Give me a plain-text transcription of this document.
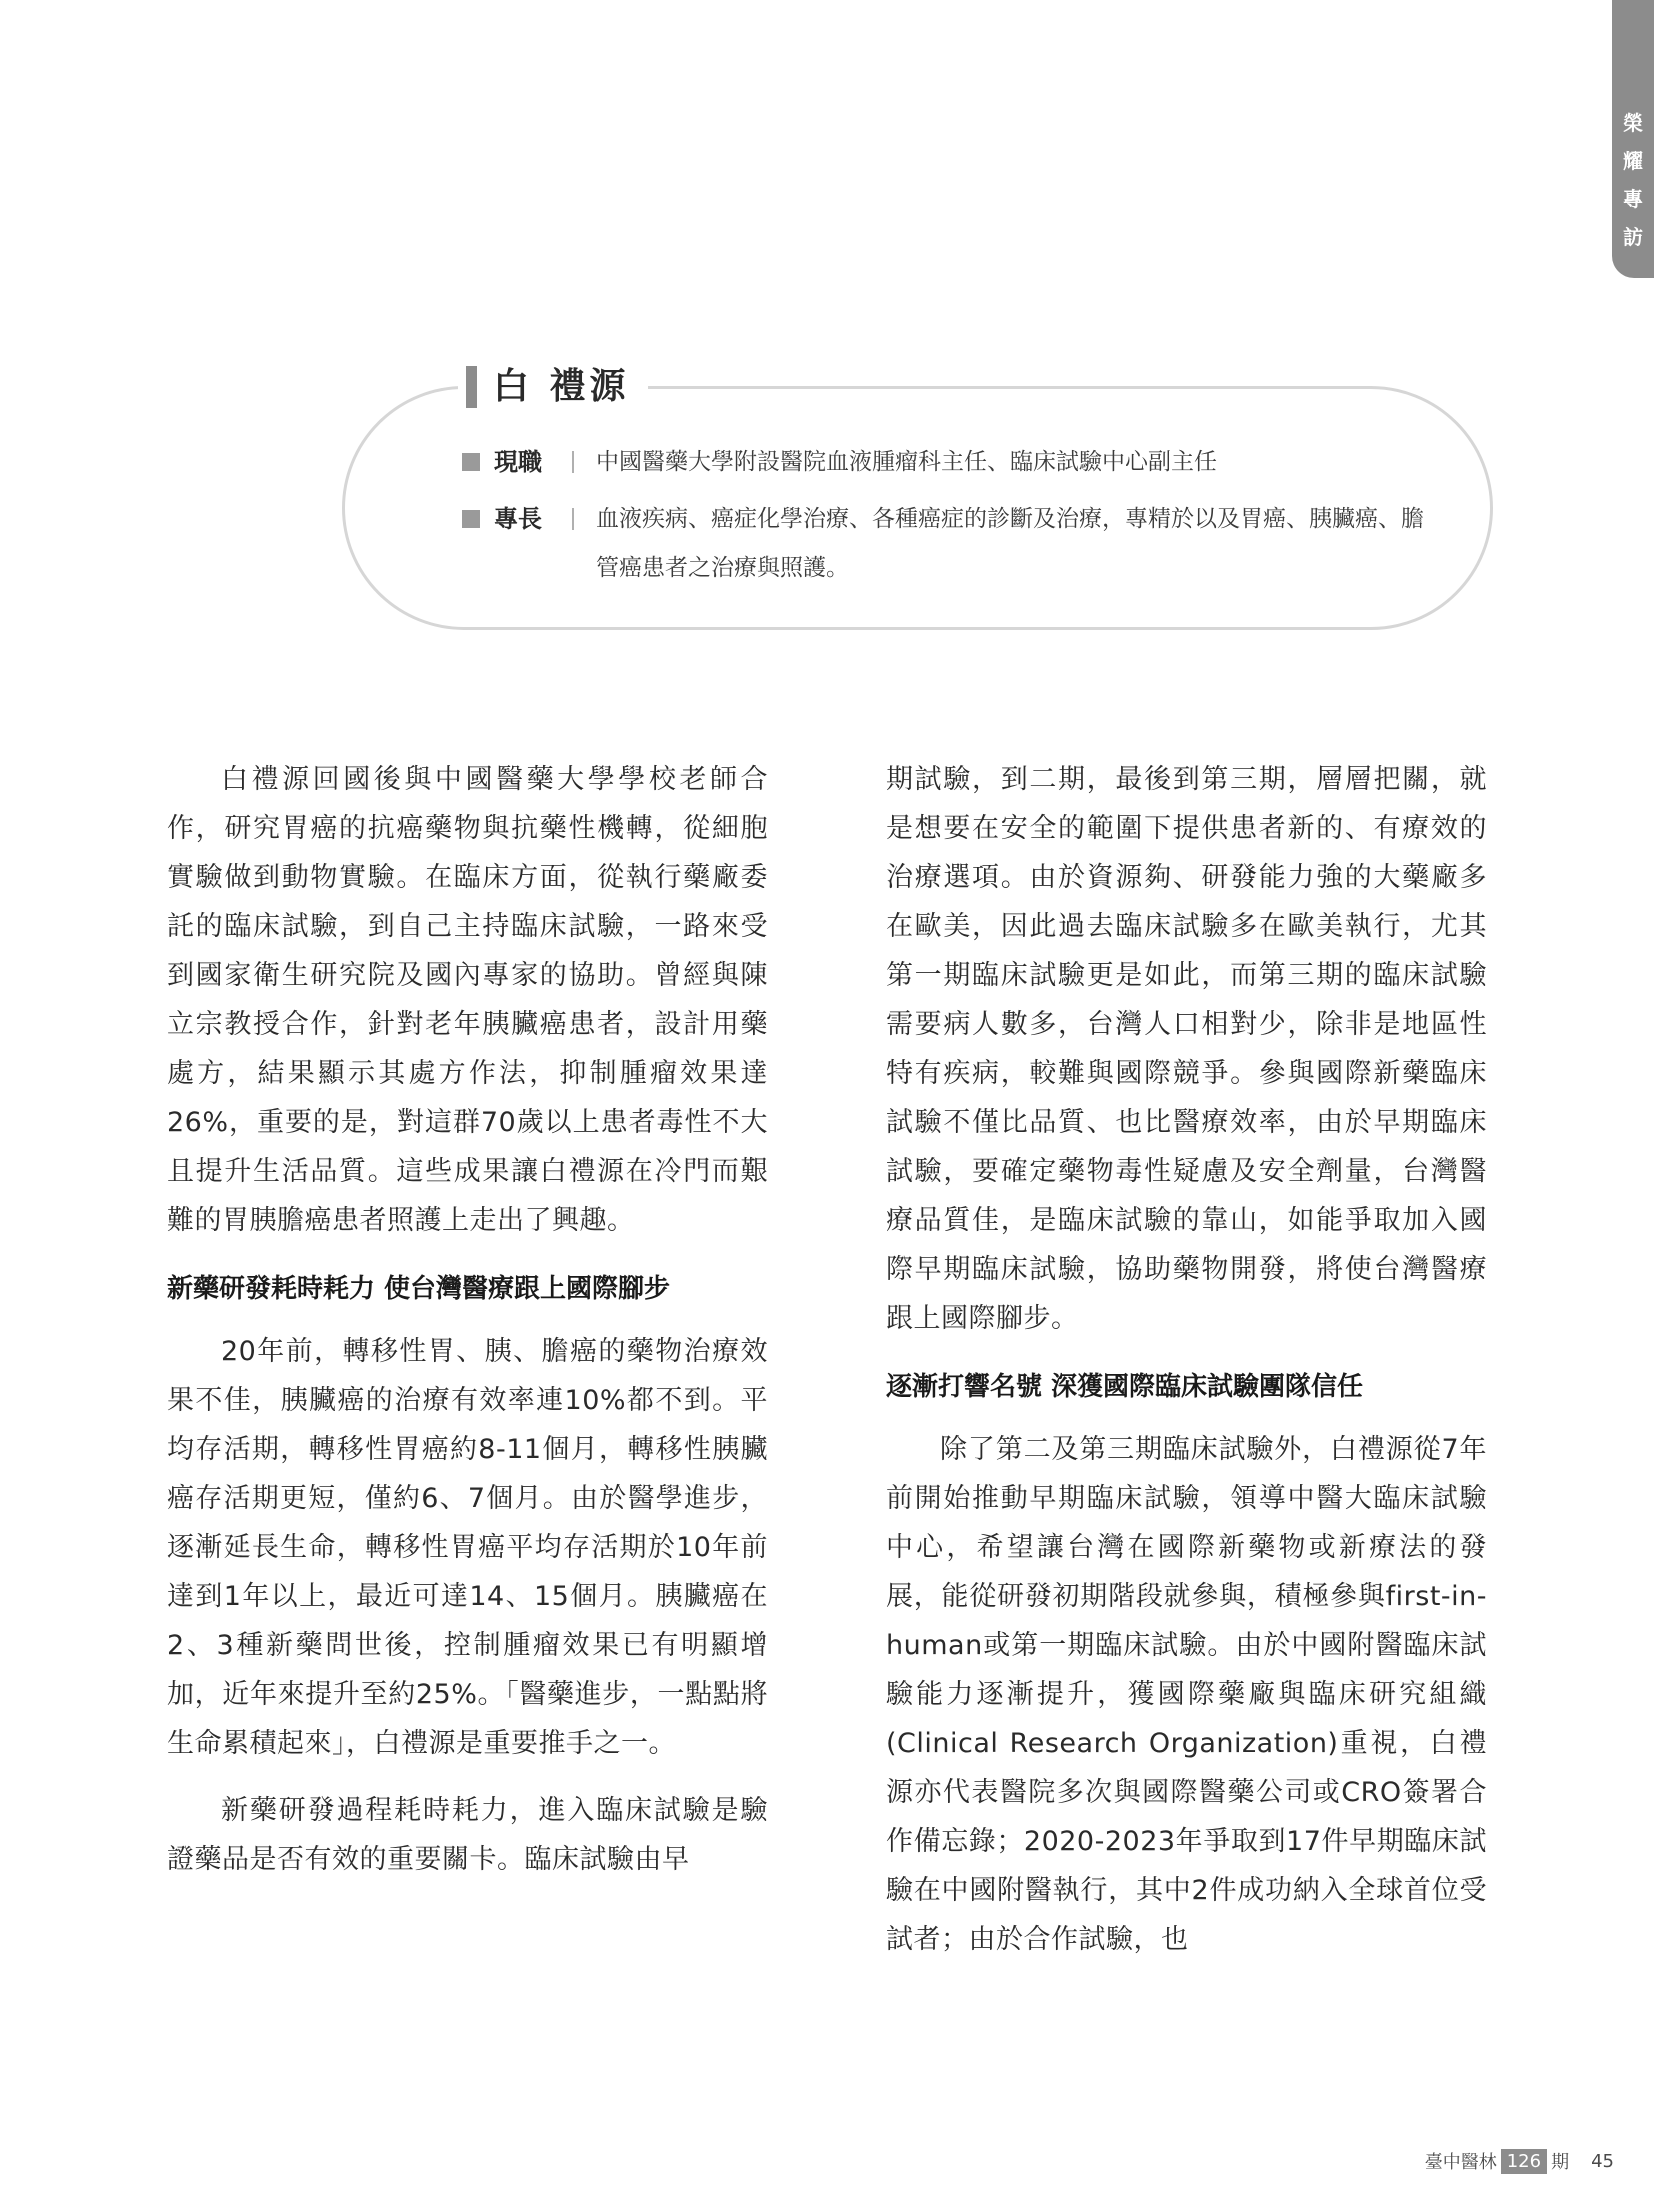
榮
耀
專
訪
白 禮源
現職	中國醫藥大學附設醫院血液腫瘤科主任、臨床試驗中心副主任
專長	血液疾病、癌症化學治療、各種癌症的診斷及治療，專精於以及胃癌、胰臟癌、膽管癌患者之治療與照護。

白禮源回國後與中國醫藥大學學校老師合作，研究胃癌的抗癌藥物與抗藥性機轉，從細胞實驗做到動物實驗。在臨床方面，從執行藥廠委託的臨床試驗，到自己主持臨床試驗，一路來受到國家衛生研究院及國內專家的協助。曾經與陳立宗教授合作，針對老年胰臟癌患者，設計用藥處方，結果顯示其處方作法，抑制腫瘤效果達26%，重要的是，對這群70歲以上患者毒性不大且提升生活品質。這些成果讓白禮源在冷門而艱難的胃胰膽癌患者照護上走出了興趣。

新藥研發耗時耗力 使台灣醫療跟上國際腳步

20年前，轉移性胃、胰、膽癌的藥物治療效果不佳，胰臟癌的治療有效率連10%都不到。平均存活期，轉移性胃癌約8-11個月，轉移性胰臟癌存活期更短，僅約6、7個月。由於醫學進步，逐漸延長生命，轉移性胃癌平均存活期於10年前達到1年以上，最近可達14、15個月。胰臟癌在2、3種新藥問世後，控制腫瘤效果已有明顯增加，近年來提升至約25%。「醫藥進步，一點點將生命累積起來」，白禮源是重要推手之一。

新藥研發過程耗時耗力，進入臨床試驗是驗證藥品是否有效的重要關卡。臨床試驗由早

期試驗，到二期，最後到第三期，層層把關，就是想要在安全的範圍下提供患者新的、有療效的治療選項。由於資源夠、研發能力強的大藥廠多在歐美，因此過去臨床試驗多在歐美執行，尤其第一期臨床試驗更是如此，而第三期的臨床試驗需要病人數多，台灣人口相對少，除非是地區性特有疾病，較難與國際競爭。參與國際新藥臨床試驗不僅比品質、也比醫療效率，由於早期臨床試驗，要確定藥物毒性疑慮及安全劑量，台灣醫療品質佳，是臨床試驗的靠山，如能爭取加入國際早期臨床試驗，協助藥物開發，將使台灣醫療跟上國際腳步。

逐漸打響名號 深獲國際臨床試驗團隊信任

除了第二及第三期臨床試驗外，白禮源從7年前開始推動早期臨床試驗，領導中醫大臨床試驗中心，希望讓台灣在國際新藥物或新療法的發展，能從研發初期階段就參與，積極參與first-in-human或第一期臨床試驗。由於中國附醫臨床試驗能力逐漸提升，獲國際藥廠與臨床研究組織(Clinical Research Organization)重視，白禮源亦代表醫院多次與國際醫藥公司或CRO簽署合作備忘錄；2020-2023年爭取到17件早期臨床試驗在中國附醫執行，其中2件成功納入全球首位受試者；由於合作試驗，也

臺中醫林 126 期 45
